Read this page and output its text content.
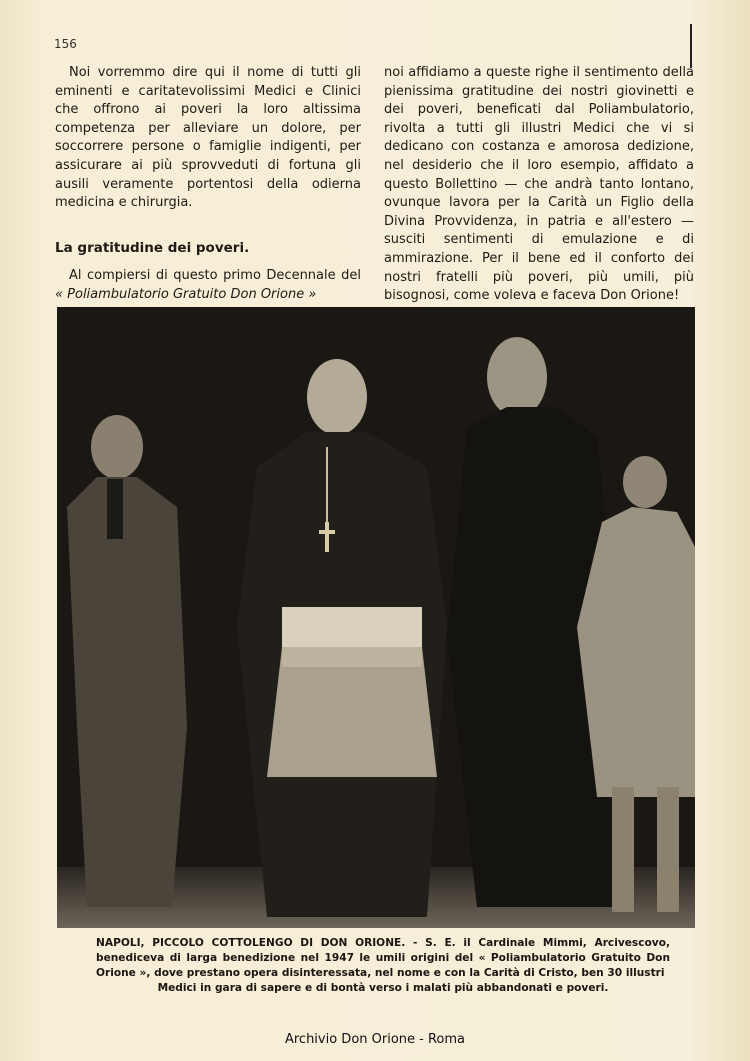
156

Noi vorremmo dire qui il nome di tutti gli eminenti e caritatevolissimi Medici e Clinici che offrono ai poveri la loro altissima competenza per alleviare un dolore, per soccorrere persone o famiglie indigenti, per assicurare ai più sprovveduti di fortuna gli ausili veramente portentosi della odierna medicina e chirurgia.

La gratitudine dei poveri.

Al compiersi di questo primo Decennale del « Poliambulatorio Gratuito Don Orione »

noi affidiamo a queste righe il sentimento della pienissima gratitudine dei nostri giovinetti e dei poveri, beneficati dal Poliambulatorio, rivolta a tutti gli illustri Medici che vi si dedicano con costanza e amorosa dedizione, nel desiderio che il loro esempio, affidato a questo Bollettino — che andrà tanto lontano, ovunque lavora per la Carità un Figlio della Divina Provvidenza, in patria e all'estero — susciti sentimenti di emulazione e di ammirazione. Per il bene ed il conforto dei nostri fratelli più poveri, più umili, più bisognosi, come voleva e faceva Don Orione!

NAPOLI, PICCOLO COTTOLENGO DI DON ORIONE. - S. E. il Cardinale Mimmi, Arcivescovo, benediceva di larga benedizione nel 1947 le umili origini del « Poliambulatorio Gratuito Don Orione », dove prestano opera disinteressata, nel nome e con la Carità di Cristo, ben 30 illustri
Medici in gara di sapere e di bontà verso i malati più abbandonati e poveri.
Archivio Don Orione - Roma
